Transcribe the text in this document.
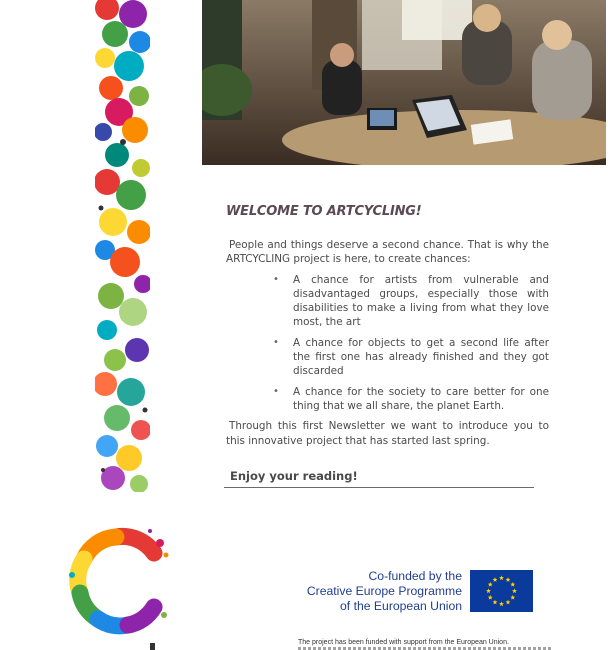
WELCOME TO ARTCYCLING!

People and things deserve a second chance. That is why the ARTCYCLING project is here, to create chances:

• A chance for artists from vulnerable and disadvantaged groups, especially those with disabilities to make a living from what they love most, the art
• A chance for objects to get a second life after the first one has already finished and they got discarded
• A chance for the society to care better for one thing that we all share, the planet Earth.

Through this first Newsletter we want to introduce you to this innovative project that has started last spring.

Enjoy your reading!
Co-funded by the
Creative Europe Programme
of the European Union
The project has been funded with support from the European Union.
